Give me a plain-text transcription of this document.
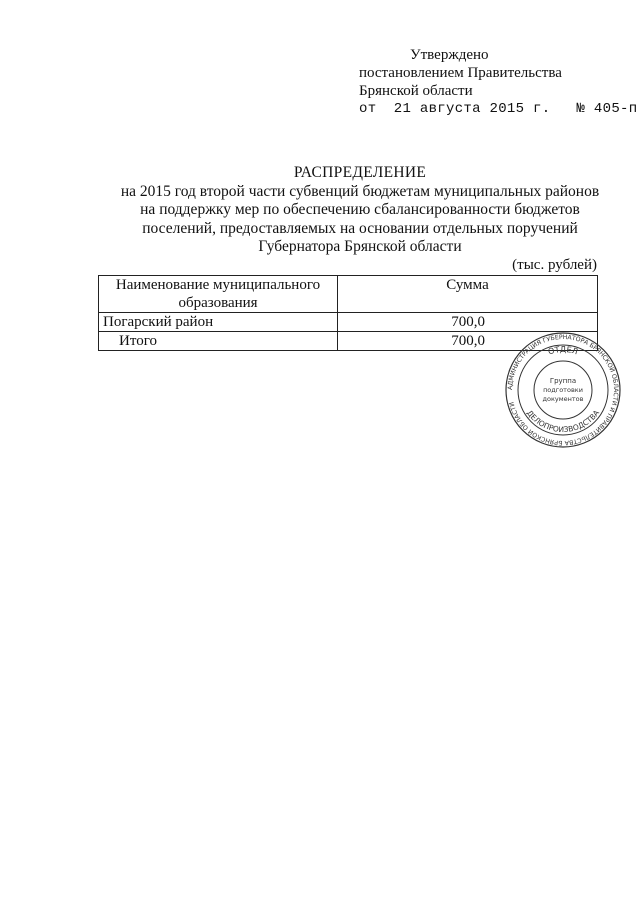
Утверждено
постановлением Правительства
Брянской области
от  21 августа 2015 г.   № 405-п
РАСПРЕДЕЛЕНИЕ
на 2015 год второй части субвенций бюджетам муниципальных районов
на поддержку мер по обеспечению сбалансированности бюджетов
поселений, предоставляемых на основании отдельных поручений
Губернатора Брянской области
(тыс. рублей)
Наименование муниципального образования	Сумма
Погарский район	700,0
Итого	700,0
АДМИНИСТРАЦИЯ ГУБЕРНАТОРА БРЯНСКОЙ ОБЛАСТИ И ПРАВИТЕЛЬСТВА БРЯНСКОЙ ОБЛАСТИ
ОТДЕЛ
ДЕЛОПРОИЗВОДСТВА
Группа
подготовки
документов
